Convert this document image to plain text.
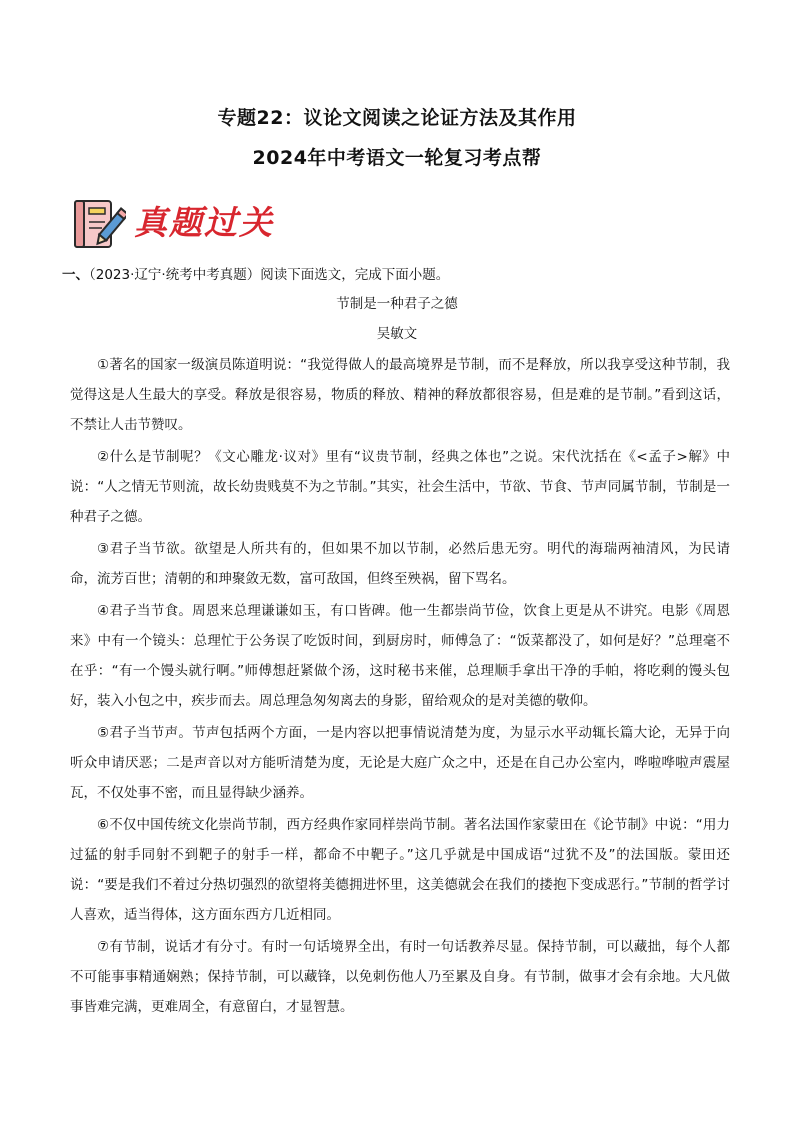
专题22：议论文阅读之论证方法及其作用
2024年中考语文一轮复习考点帮
真题过关
一、（2023·辽宁·统考中考真题）阅读下面选文，完成下面小题。
节制是一种君子之德
吴敏文

①著名的国家一级演员陈道明说：“我觉得做人的最高境界是节制，而不是释放，所以我享受这种节制，我觉得这是人生最大的享受。释放是很容易，物质的释放、精神的释放都很容易，但是难的是节制。”看到这话，不禁让人击节赞叹。

②什么是节制呢？《文心雕龙·议对》里有“议贵节制，经典之体也”之说。宋代沈括在《<孟子>解》中说：“人之情无节则流，故长幼贵贱莫不为之节制。”其实，社会生活中，节欲、节食、节声同属节制，节制是一种君子之德。

③君子当节欲。欲望是人所共有的，但如果不加以节制，必然后患无穷。明代的海瑞两袖清风，为民请命，流芳百世；清朝的和珅聚敛无数，富可敌国，但终至殃祸，留下骂名。

④君子当节食。周恩来总理谦谦如玉，有口皆碑。他一生都崇尚节俭，饮食上更是从不讲究。电影《周恩来》中有一个镜头：总理忙于公务误了吃饭时间，到厨房时，师傅急了：“饭菜都没了，如何是好？”总理毫不在乎：“有一个馒头就行啊。”师傅想赶紧做个汤，这时秘书来催，总理顺手拿出干净的手帕，将吃剩的馒头包好，装入小包之中，疾步而去。周总理急匆匆离去的身影，留给观众的是对美德的敬仰。

⑤君子当节声。节声包括两个方面，一是内容以把事情说清楚为度，为显示水平动辄长篇大论，无异于向听众申请厌恶；二是声音以对方能听清楚为度，无论是大庭广众之中，还是在自己办公室内，哗啦哗啦声震屋瓦，不仅处事不密，而且显得缺少涵养。

⑥不仅中国传统文化崇尚节制，西方经典作家同样崇尚节制。著名法国作家蒙田在《论节制》中说：“用力过猛的射手同射不到靶子的射手一样，都命不中靶子。”这几乎就是中国成语“过犹不及”的法国版。蒙田还说：“要是我们不着过分热切强烈的欲望将美德拥进怀里，这美德就会在我们的搂抱下变成恶行。”节制的哲学讨人喜欢，适当得体，这方面东西方几近相同。

⑦有节制，说话才有分寸。有时一句话境界全出，有时一句话教养尽显。保持节制，可以藏拙，每个人都不可能事事精通娴熟；保持节制，可以藏锋，以免刺伤他人乃至累及自身。有节制，做事才会有余地。大凡做事皆难完满，更难周全，有意留白，才显智慧。
